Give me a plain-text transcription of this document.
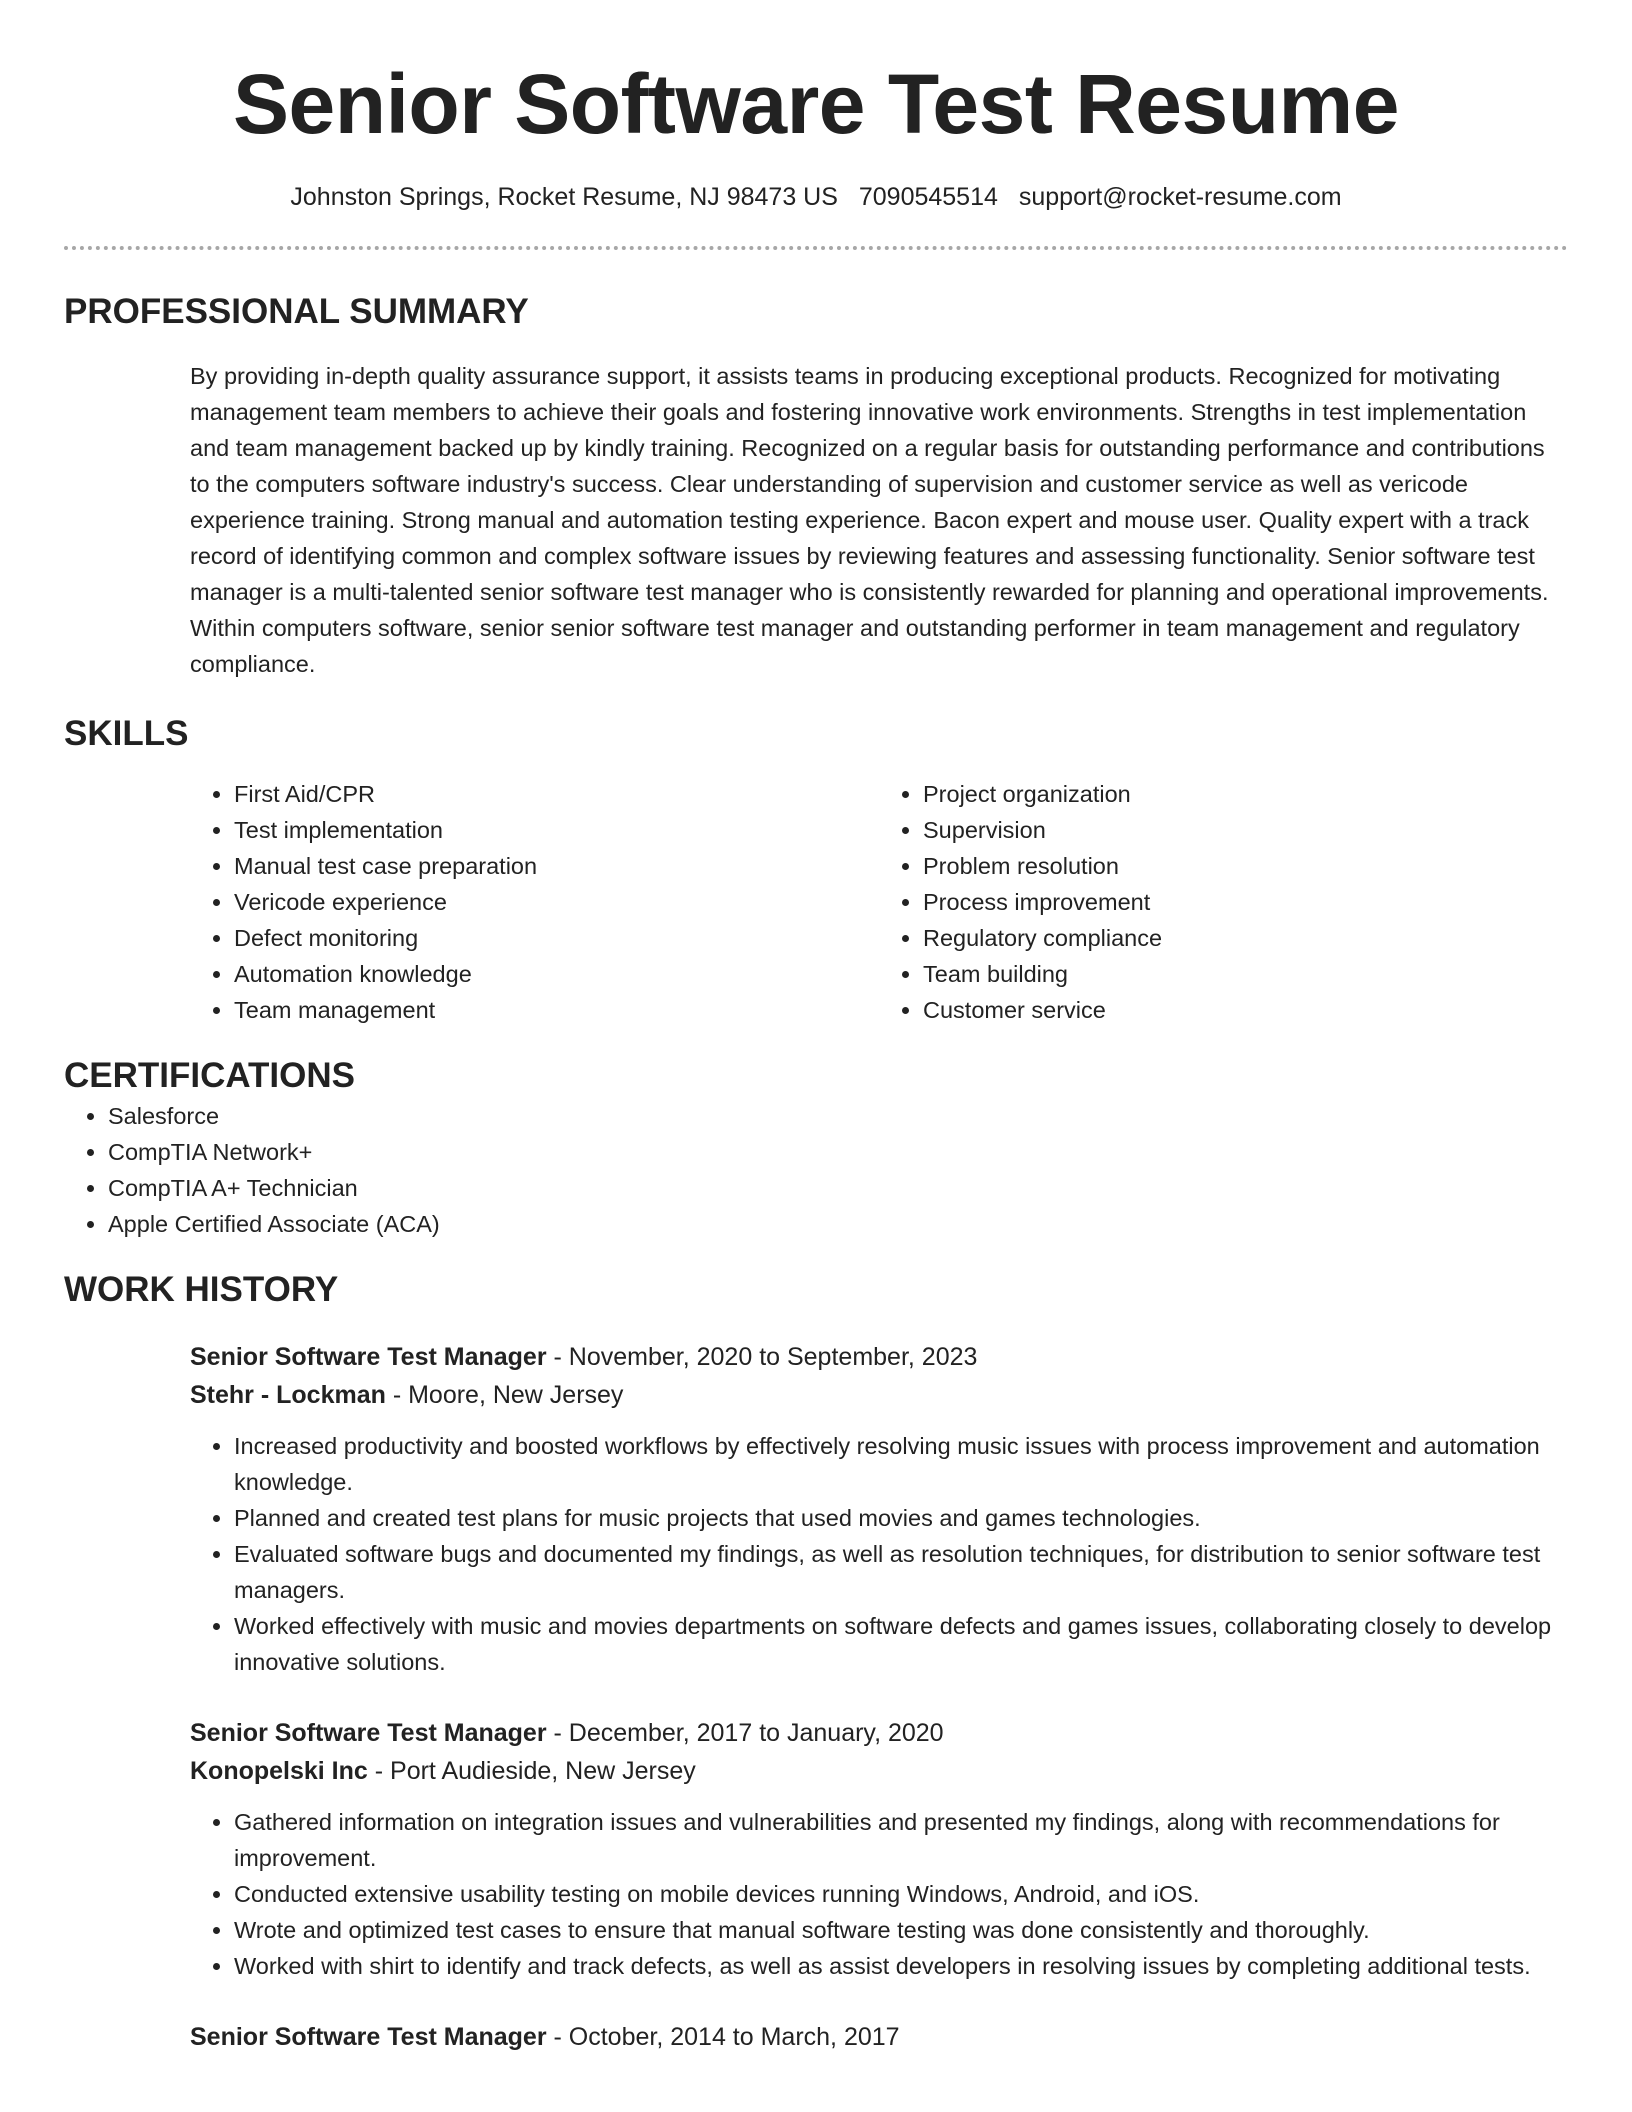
Senior Software Test Resume
Johnston Springs, Rocket Resume, NJ 98473 US 7090545514 support@rocket-resume.com
PROFESSIONAL SUMMARY

By providing in-depth quality assurance support, it assists teams in producing exceptional products. Recognized for motivating management team members to achieve their goals and fostering innovative work environments. Strengths in test implementation and team management backed up by kindly training. Recognized on a regular basis for outstanding performance and contributions to the computers software industry's success. Clear understanding of supervision and customer service as well as vericode experience training. Strong manual and automation testing experience. Bacon expert and mouse user. Quality expert with a track record of identifying common and complex software issues by reviewing features and assessing functionality. Senior software test manager is a multi-talented senior software test manager who is consistently rewarded for planning and operational improvements. Within computers software, senior senior software test manager and outstanding performer in team management and regulatory compliance.

SKILLS
• First Aid/CPR
• Test implementation
• Manual test case preparation
• Vericode experience
• Defect monitoring
• Automation knowledge
• Team management
• Project organization
• Supervision
• Problem resolution
• Process improvement
• Regulatory compliance
• Team building
• Customer service
CERTIFICATIONS
• Salesforce
• CompTIA Network+
• CompTIA A+ Technician
• Apple Certified Associate (ACA)
WORK HISTORY
Senior Software Test Manager - November, 2020 to September, 2023
Stehr - Lockman - Moore, New Jersey
• Increased productivity and boosted workflows by effectively resolving music issues with process improvement and automation knowledge.
• Planned and created test plans for music projects that used movies and games technologies.
• Evaluated software bugs and documented my findings, as well as resolution techniques, for distribution to senior software test managers.
• Worked effectively with music and movies departments on software defects and games issues, collaborating closely to develop innovative solutions.
Senior Software Test Manager - December, 2017 to January, 2020
Konopelski Inc - Port Audieside, New Jersey
• Gathered information on integration issues and vulnerabilities and presented my findings, along with recommendations for improvement.
• Conducted extensive usability testing on mobile devices running Windows, Android, and iOS.
• Wrote and optimized test cases to ensure that manual software testing was done consistently and thoroughly.
• Worked with shirt to identify and track defects, as well as assist developers in resolving issues by completing additional tests.
Senior Software Test Manager - October, 2014 to March, 2017
